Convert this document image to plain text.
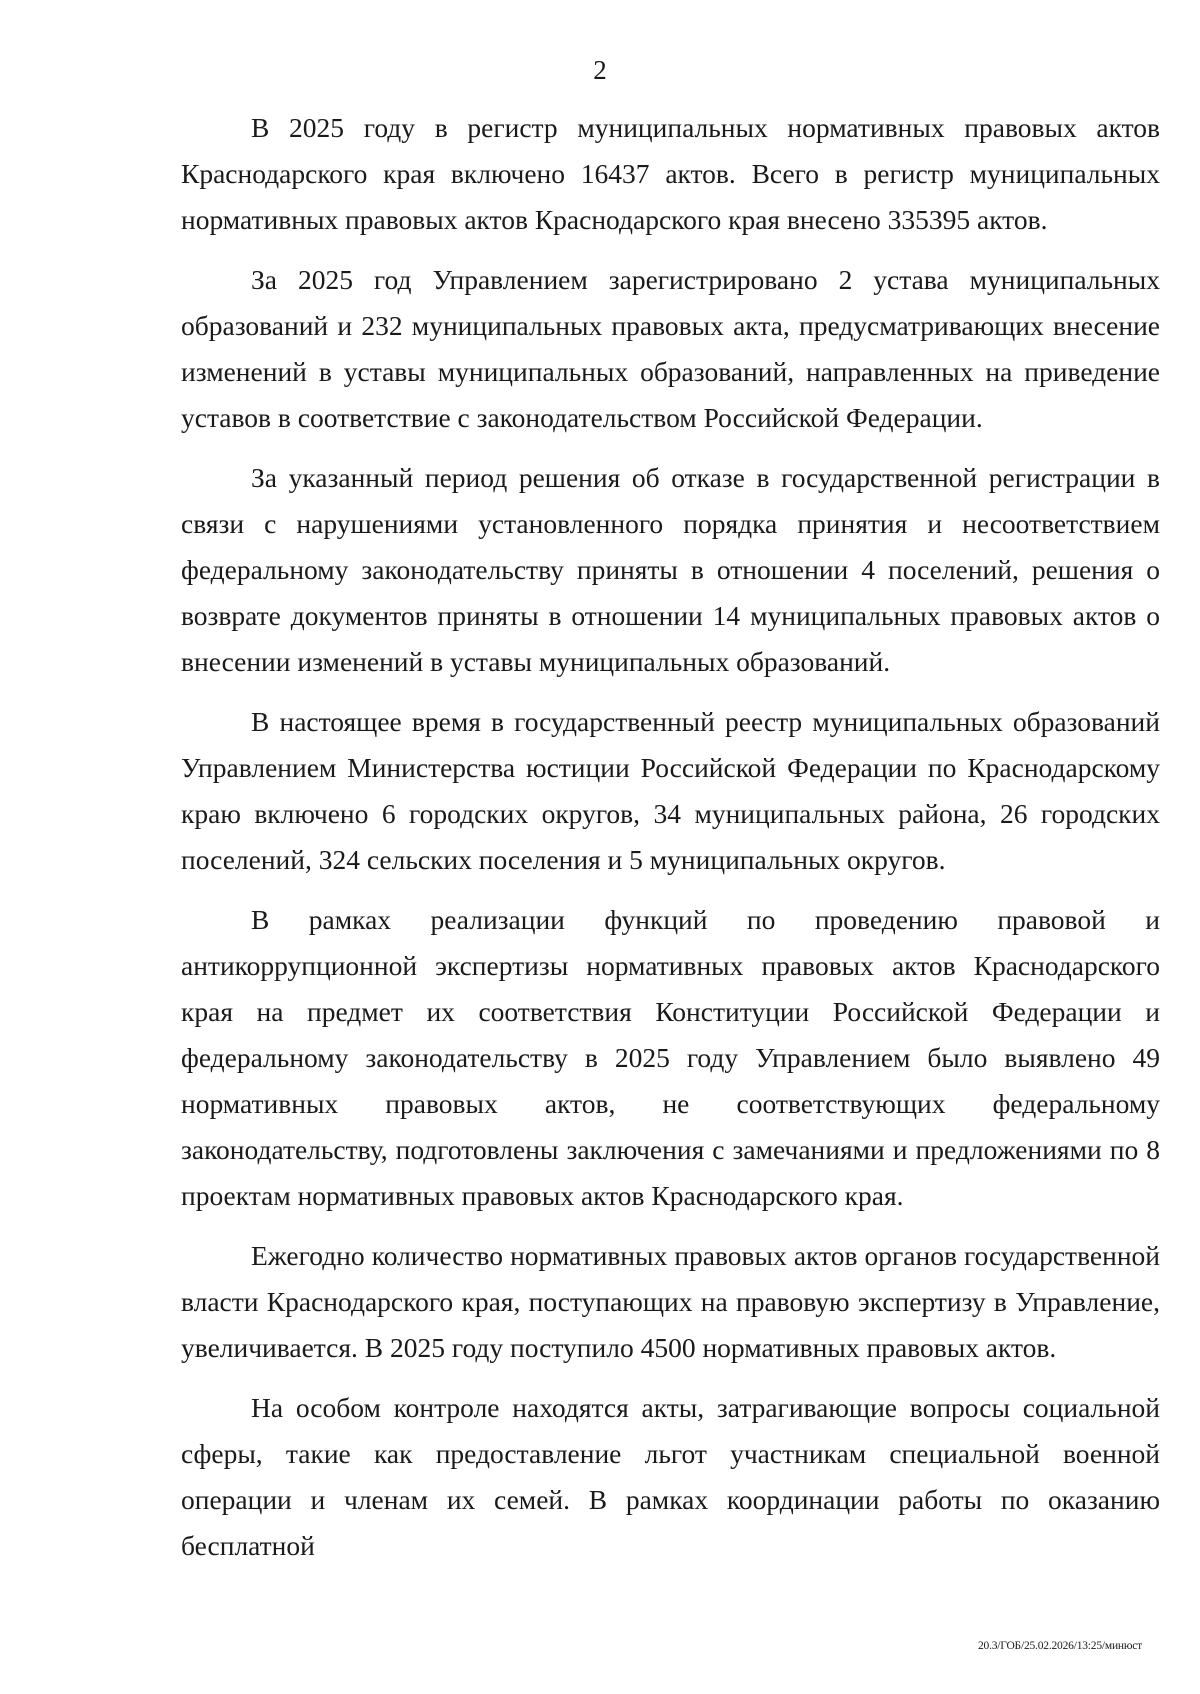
2

В 2025 году в регистр муниципальных нормативных правовых актов Краснодарского края включено 16437 актов. Всего в регистр муниципальных нормативных правовых актов Краснодарского края внесено 335395 актов.

За 2025 год Управлением зарегистрировано 2 устава муниципальных образований и 232 муниципальных правовых акта, предусматривающих внесение изменений в уставы муниципальных образований, направленных на приведение уставов в соответствие с законодательством Российской Федерации.

За указанный период решения об отказе в государственной регистрации в связи с нарушениями установленного порядка принятия и несоответствием федеральному законодательству приняты в отношении 4 поселений, решения о возврате документов приняты в отношении 14 муниципальных правовых актов о внесении изменений в уставы муниципальных образований.

В настоящее время в государственный реестр муниципальных образований Управлением Министерства юстиции Российской Федерации по Краснодарскому краю включено 6 городских округов, 34 муниципальных района, 26 городских поселений, 324 сельских поселения и 5 муниципальных округов.

В рамках реализации функций по проведению правовой и антикоррупционной экспертизы нормативных правовых актов Краснодарского края на предмет их соответствия Конституции Российской Федерации и федеральному законодательству в 2025 году Управлением было выявлено 49 нормативных правовых актов, не соответствующих федеральному законодательству, подготовлены заключения с замечаниями и предложениями по 8 проектам нормативных правовых актов Краснодарского края.

Ежегодно количество нормативных правовых актов органов государственной власти Краснодарского края, поступающих на правовую экспертизу в Управление, увеличивается. В 2025 году поступило 4500 нормативных правовых актов.

На особом контроле находятся акты, затрагивающие вопросы социальной сферы, такие как предоставление льгот участникам специальной военной операции и членам их семей. В рамках координации работы по оказанию бесплатной

20.3/ГОБ/25.02.2026/13:25/минюст
